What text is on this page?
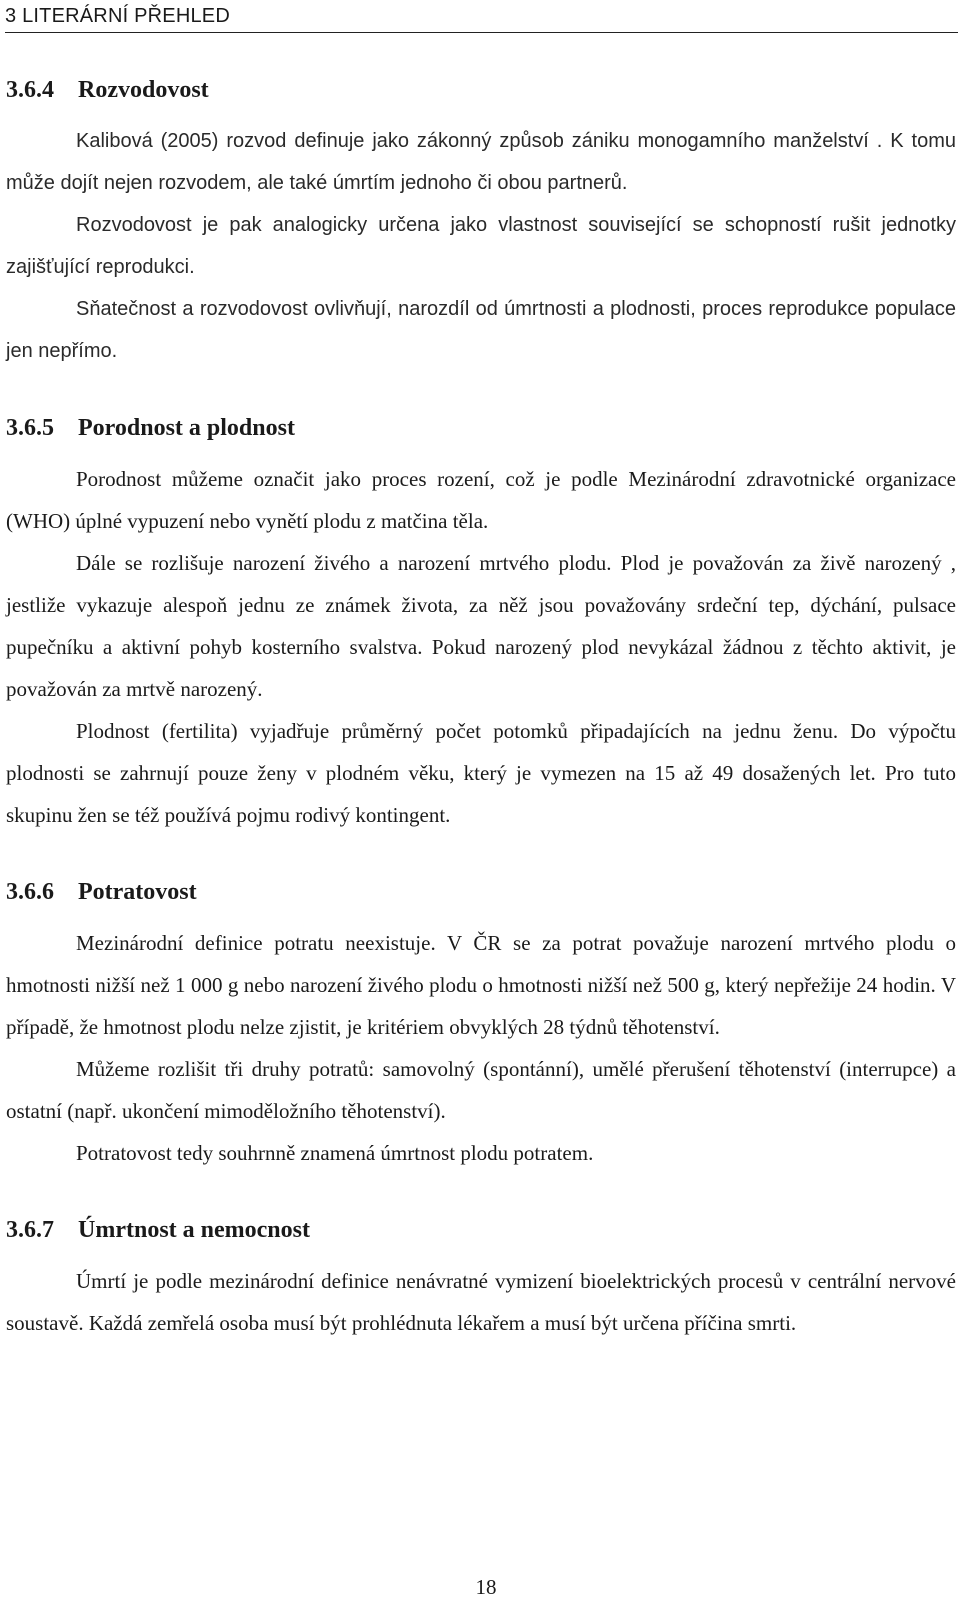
3 LITERÁRNÍ PŘEHLED
3.6.4 Rozvodovost

Kalibová (2005) rozvod definuje jako zákonný způsob zániku monogamního manželství . K tomu může dojít nejen rozvodem, ale také úmrtím jednoho či obou partnerů.

Rozvodovost je pak analogicky určena jako vlastnost související se schopností rušit jednotky zajišťující reprodukci.

Sňatečnost a rozvodovost ovlivňují, narozdíl od úmrtnosti a plodnosti, proces reprodukce populace jen nepřímo.

3.6.5 Porodnost a plodnost

Porodnost můžeme označit jako proces rození, což je podle Mezinárodní zdravotnické organizace (WHO) úplné vypuzení nebo vynětí plodu z matčina těla.

Dále se rozlišuje narození živého a narození mrtvého plodu. Plod je považován za živě narozený , jestliže vykazuje alespoň jednu ze známek života, za něž jsou považovány srdeční tep, dýchání, pulsace pupečníku a aktivní pohyb kosterního svalstva. Pokud narozený plod nevykázal žádnou z těchto aktivit, je považován za mrtvě narozený.

Plodnost (fertilita) vyjadřuje průměrný počet potomků připadajících na jednu ženu. Do výpočtu plodnosti se zahrnují pouze ženy v plodném věku, který je vymezen na 15 až 49 dosažených let. Pro tuto skupinu žen se též používá pojmu rodivý kontingent.

3.6.6 Potratovost

Mezinárodní definice potratu neexistuje. V ČR se za potrat považuje narození mrtvého plodu o hmotnosti nižší než 1 000 g nebo narození živého plodu o hmotnosti nižší než 500 g, který nepřežije 24 hodin. V případě, že hmotnost plodu nelze zjistit, je kritériem obvyklých 28 týdnů těhotenství.

Můžeme rozlišit tři druhy potratů: samovolný (spontánní), umělé přerušení těhotenství (interrupce) a ostatní (např. ukončení mimoděložního těhotenství).

Potratovost tedy souhrnně znamená úmrtnost plodu potratem.

3.6.7 Úmrtnost a nemocnost

Úmrtí je podle mezinárodní definice nenávratné vymizení bioelektrických procesů v centrální nervové soustavě. Každá zemřelá osoba musí být prohlédnuta lékařem a musí být určena příčina smrti.

18
